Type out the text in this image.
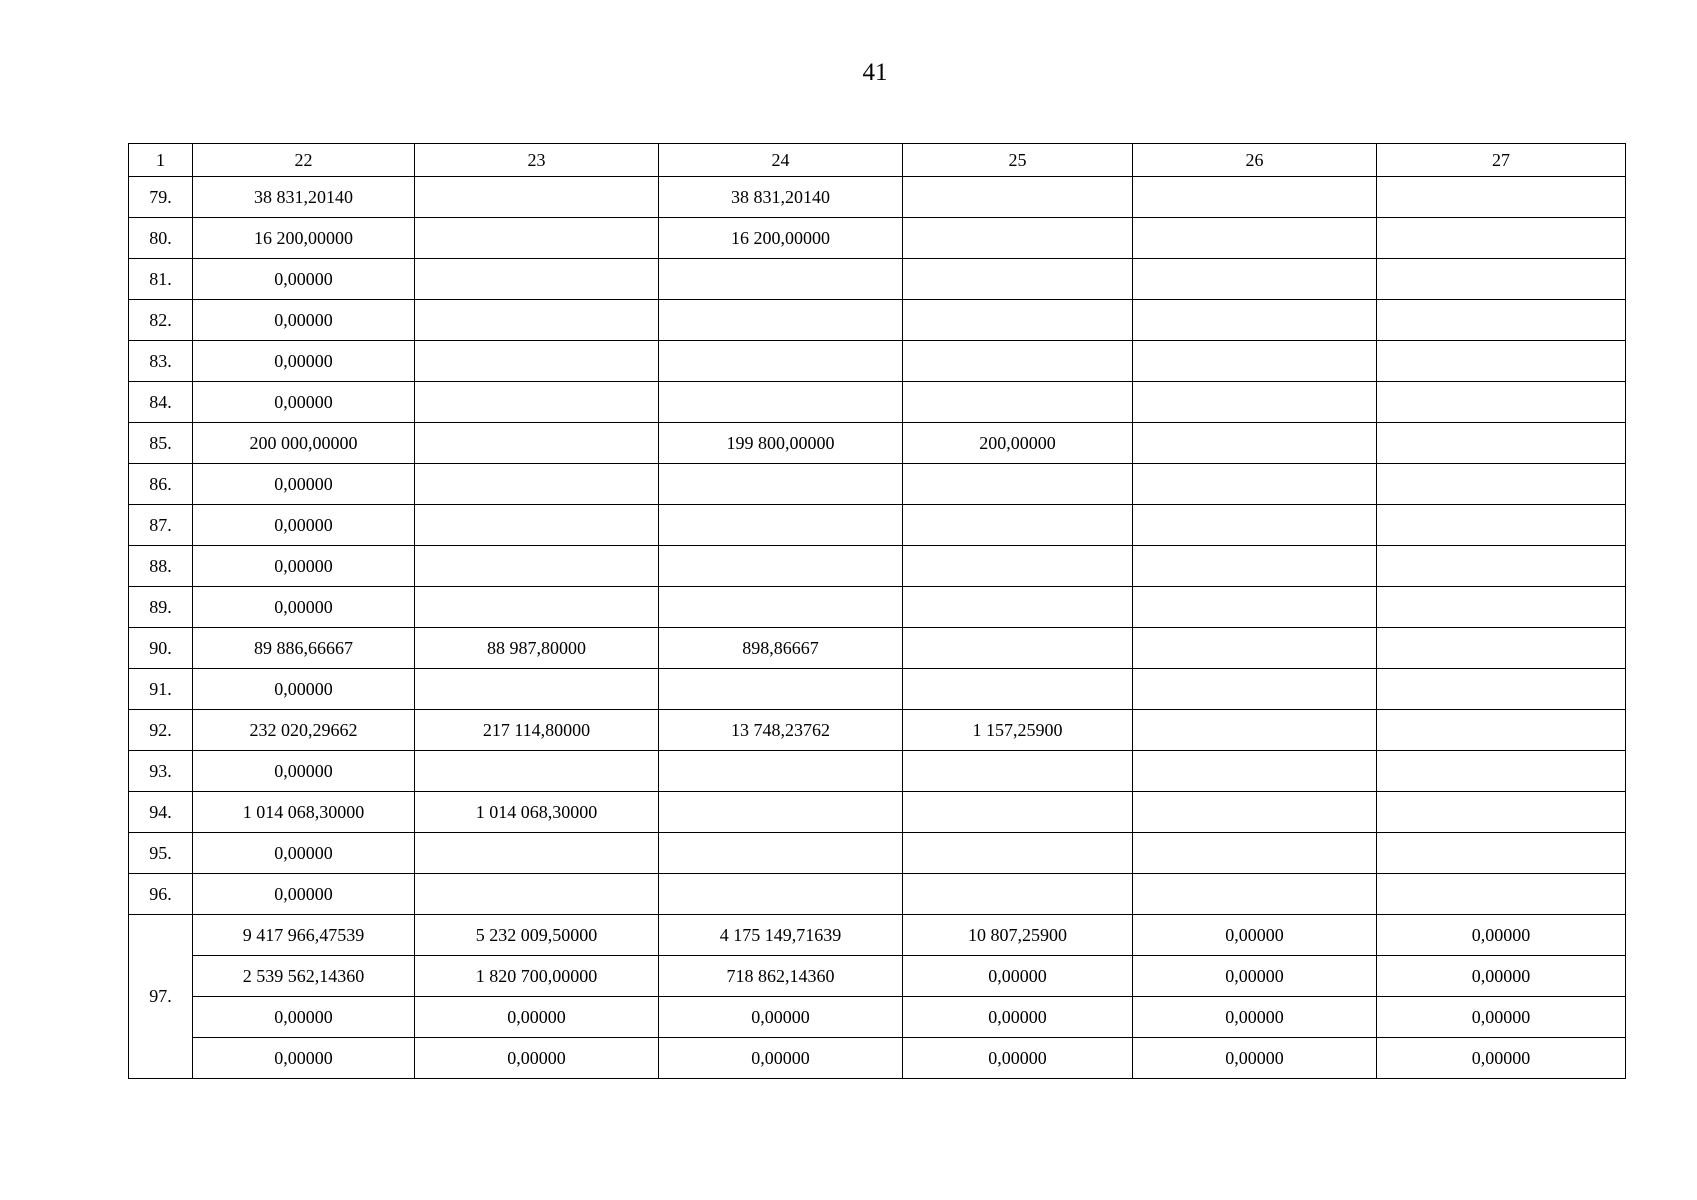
41
1	22	23	24	25	26	27
79.	38 831,20140		38 831,20140			
80.	16 200,00000		16 200,00000			
81.	0,00000					
82.	0,00000					
83.	0,00000					
84.	0,00000					
85.	200 000,00000		199 800,00000	200,00000		
86.	0,00000					
87.	0,00000					
88.	0,00000					
89.	0,00000					
90.	89 886,66667	88 987,80000	898,86667			
91.	0,00000					
92.	232 020,29662	217 114,80000	13 748,23762	1 157,25900		
93.	0,00000					
94.	1 014 068,30000	1 014 068,30000				
95.	0,00000					
96.	0,00000					
97.	9 417 966,47539	5 232 009,50000	4 175 149,71639	10 807,25900	0,00000	0,00000
	2 539 562,14360	1 820 700,00000	718 862,14360	0,00000	0,00000	0,00000
	0,00000	0,00000	0,00000	0,00000	0,00000	0,00000
	0,00000	0,00000	0,00000	0,00000	0,00000	0,00000
